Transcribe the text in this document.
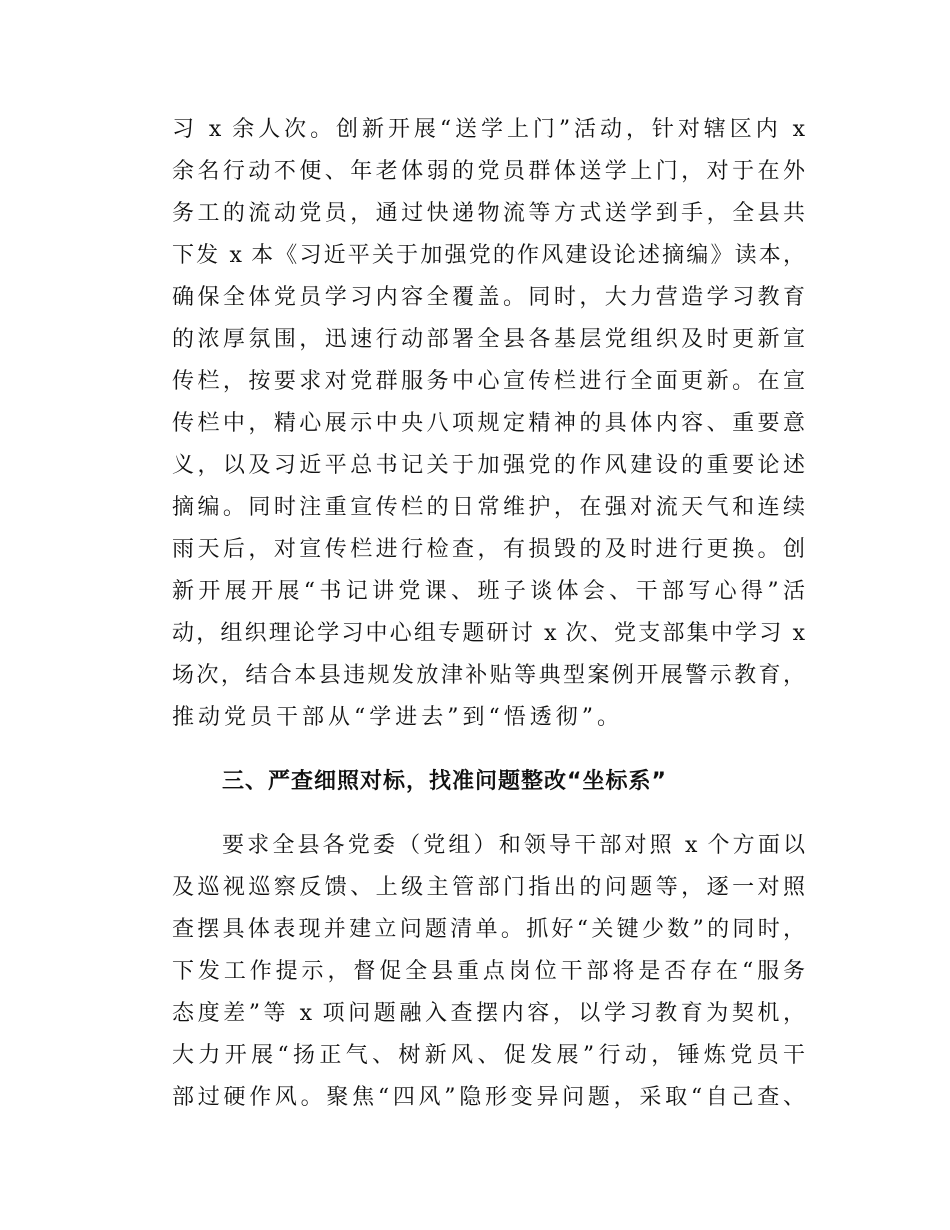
习 x 余人次。创新开展“送学上门”活动，针对辖区内 x
余名行动不便、年老体弱的党员群体送学上门，对于在外
务工的流动党员，通过快递物流等方式送学到手，全县共
下发 x 本《习近平关于加强党的作风建设论述摘编》读本，
确保全体党员学习内容全覆盖。同时，大力营造学习教育
的浓厚氛围，迅速行动部署全县各基层党组织及时更新宣
传栏，按要求对党群服务中心宣传栏进行全面更新。在宣
传栏中，精心展示中央八项规定精神的具体内容、重要意
义，以及习近平总书记关于加强党的作风建设的重要论述
摘编。同时注重宣传栏的日常维护，在强对流天气和连续
雨天后，对宣传栏进行检查，有损毁的及时进行更换。创
新开展开展“书记讲党课、班子谈体会、干部写心得”活
动，组织理论学习中心组专题研讨 x 次、党支部集中学习 x
场次，结合本县违规发放津补贴等典型案例开展警示教育，
推动党员干部从“学进去”到“悟透彻”。
三、严查细照对标，找准问题整改“坐标系”
要求全县各党委（党组）和领导干部对照 x 个方面以
及巡视巡察反馈、上级主管部门指出的问题等，逐一对照
查摆具体表现并建立问题清单。抓好“关键少数”的同时，
下发工作提示，督促全县重点岗位干部将是否存在“服务
态度差”等 x 项问题融入查摆内容，以学习教育为契机，
大力开展“扬正气、树新风、促发展”行动，锤炼党员干
部过硬作风。聚焦“四风”隐形变异问题，采取“自己查、
